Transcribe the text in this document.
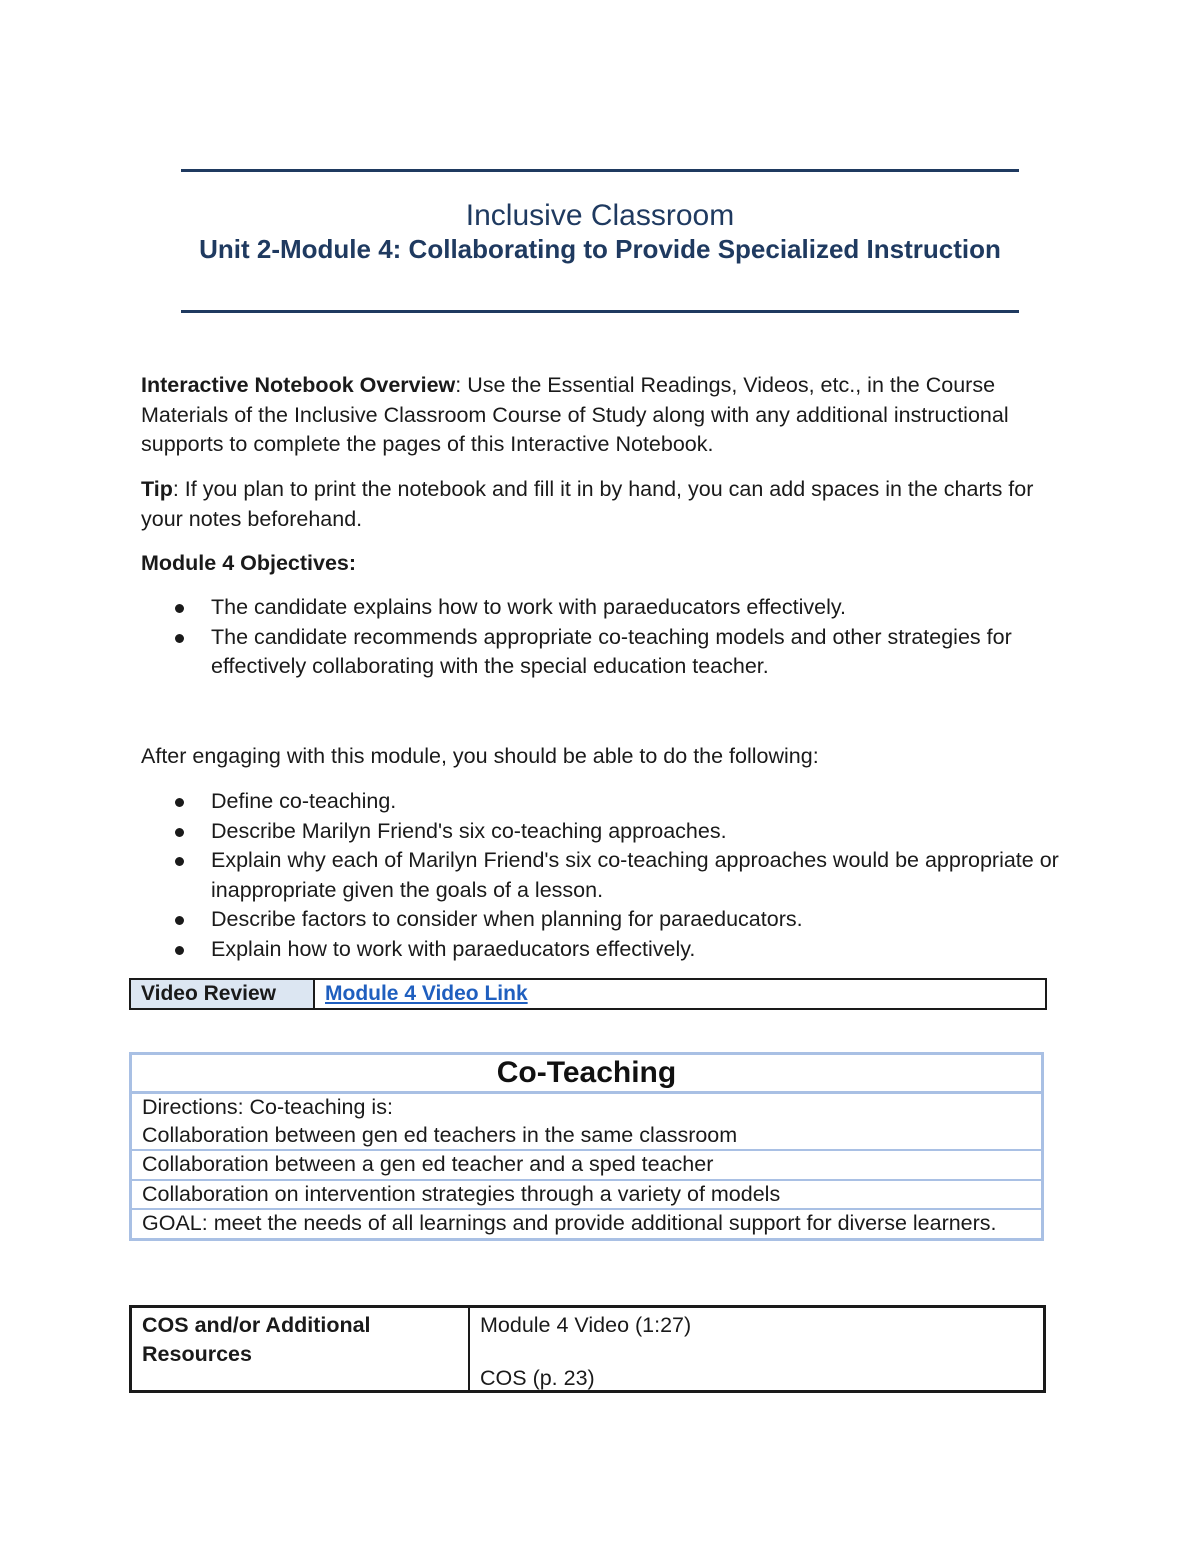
Inclusive Classroom
Unit 2-Module 4: Collaborating to Provide Specialized Instruction

Interactive Notebook Overview: Use the Essential Readings, Videos, etc., in the Course Materials of the Inclusive Classroom Course of Study along with any additional instructional supports to complete the pages of this Interactive Notebook.

Tip: If you plan to print the notebook and fill it in by hand, you can add spaces in the charts for your notes beforehand.

Module 4 Objectives:

The candidate explains how to work with paraeducators effectively.
The candidate recommends appropriate co-teaching models and other strategies for effectively collaborating with the special education teacher.

After engaging with this module, you should be able to do the following:

Define co-teaching.
Describe Marilyn Friend's six co-teaching approaches.
Explain why each of Marilyn Friend's six co-teaching approaches would be appropriate or inappropriate given the goals of a lesson.
Describe factors to consider when planning for paraeducators.
Explain how to work with paraeducators effectively.
Video Review	Module 4 Video Link
Co-Teaching
Directions: Co-teaching is:
Collaboration between gen ed teachers in the same classroom
Collaboration between a gen ed teacher and a sped teacher
Collaboration on intervention strategies through a variety of models
GOAL: meet the needs of all learnings and provide additional support for diverse learners.
COS and/or Additional Resources
Module 4 Video (1:27)
COS (p. 23)
